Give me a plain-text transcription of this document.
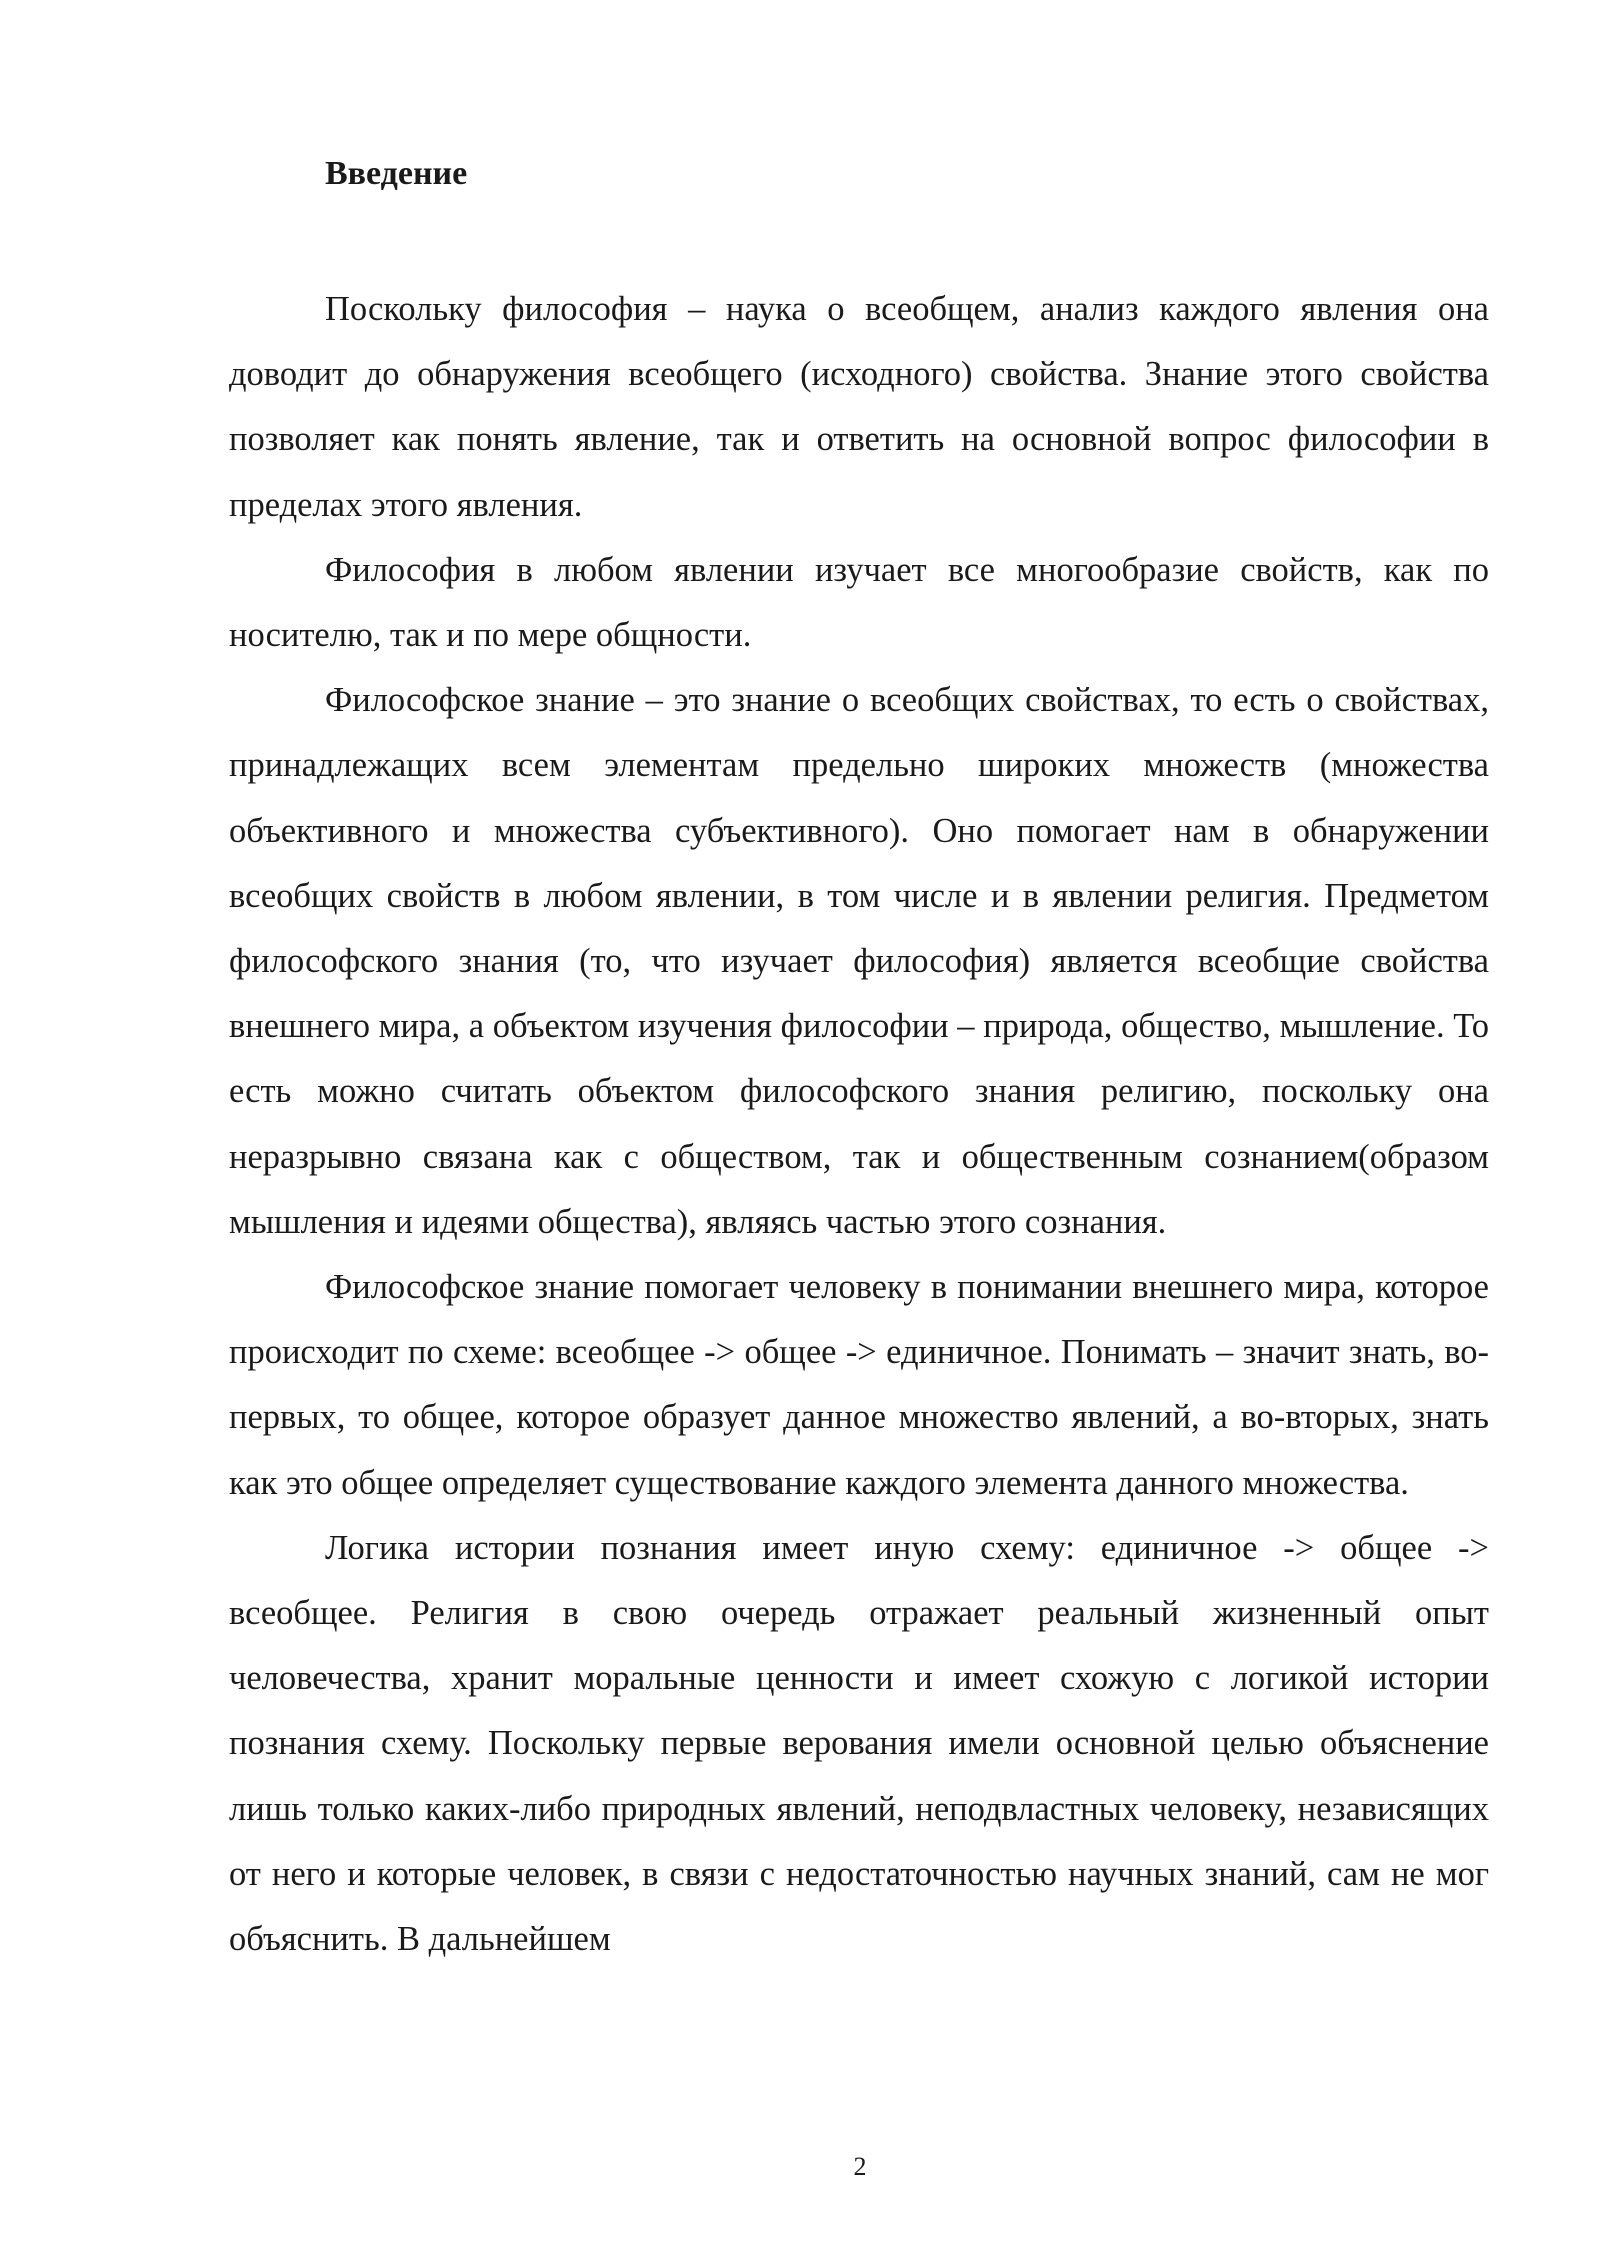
Введение

Поскольку философия – наука о всеобщем, анализ каждого явления она доводит до обнаружения всеобщего (исходного) свойства. Знание этого свойства позволяет как понять явление, так и ответить на основной вопрос философии в пределах этого явления.

Философия в любом явлении изучает все многообразие свойств, как по носителю, так и по мере общности.

Философское знание – это знание о всеобщих свойствах, то есть о свойствах, принадлежащих всем элементам предельно широких множеств (множества объективного и множества субъективного). Оно помогает нам в обнаружении всеобщих свойств в любом явлении, в том числе и в явлении религия. Предметом философского знания (то, что изучает философия) является всеобщие свойства внешнего мира, а объектом изучения философии – природа, общество, мышление. То есть можно считать объектом философского знания религию, поскольку она неразрывно связана как с обществом, так и общественным сознанием(образом мышления и идеями общества), являясь частью этого сознания.

Философское знание помогает человеку в понимании внешнего мира, которое происходит по схеме: всеобщее -> общее -> единичное. Понимать – значит знать, во-первых, то общее, которое образует данное множество явлений, а во-вторых, знать как это общее определяет существование каждого элемента данного множества.

Логика истории познания имеет иную схему: единичное -> общее -> всеобщее. Религия в свою очередь отражает реальный жизненный опыт человечества, хранит моральные ценности и имеет схожую с логикой истории познания схему. Поскольку первые верования имели основной целью объяснение лишь только каких-либо природных явлений, неподвластных человеку, независящих от него и которые человек, в связи с недостаточностью научных знаний, сам не мог объяснить. В дальнейшем

2
